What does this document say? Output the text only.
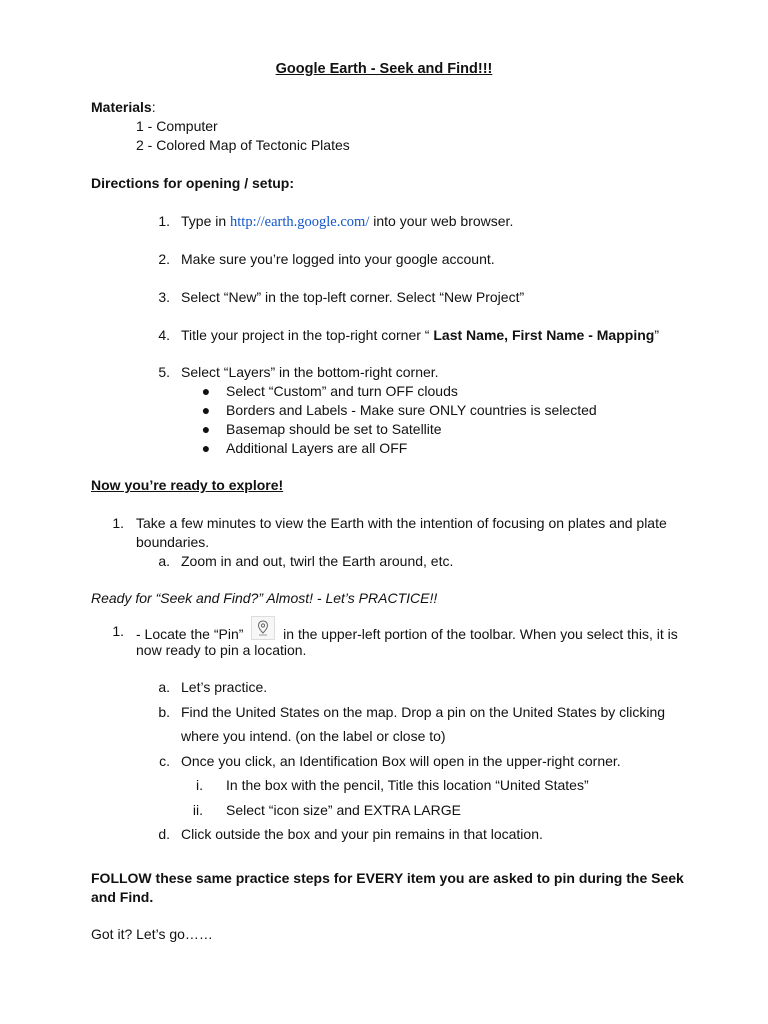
Google Earth - Seek and Find!!!
Materials:
1 - Computer
2 - Colored Map of Tectonic Plates
Directions for opening / setup:
1. Type in http://earth.google.com/ into your web browser.
2. Make sure you’re logged into your google account.
3. Select “New” in the top-left corner. Select “New Project”
4. Title your project in the top-right corner “ Last Name, First Name - Mapping”
5. Select “Layers” in the bottom-right corner.
● Select “Custom” and turn OFF clouds
● Borders and Labels - Make sure ONLY countries is selected
● Basemap should be set to Satellite
● Additional Layers are all OFF
Now you’re ready to explore!
1. Take a few minutes to view the Earth with the intention of focusing on plates and plate
boundaries.
a. Zoom in and out, twirl the Earth around, etc.
Ready for “Seek and Find?” Almost! - Let’s PRACTICE!!
1. - Locate the “Pin”	in the upper-left portion of the toolbar. When you select this, it is
now ready to pin a location.
a. Let’s practice.
b. Find the United States on the map. Drop a pin on the United States by clicking
where you intend. (on the label or close to)
c. Once you click, an Identification Box will open in the upper-right corner.
i. In the box with the pencil, Title this location “United States”
ii. Select “icon size” and EXTRA LARGE
d. Click outside the box and your pin remains in that location.
FOLLOW these same practice steps for EVERY item you are asked to pin during the Seek
and Find.
Got it? Let’s go……
